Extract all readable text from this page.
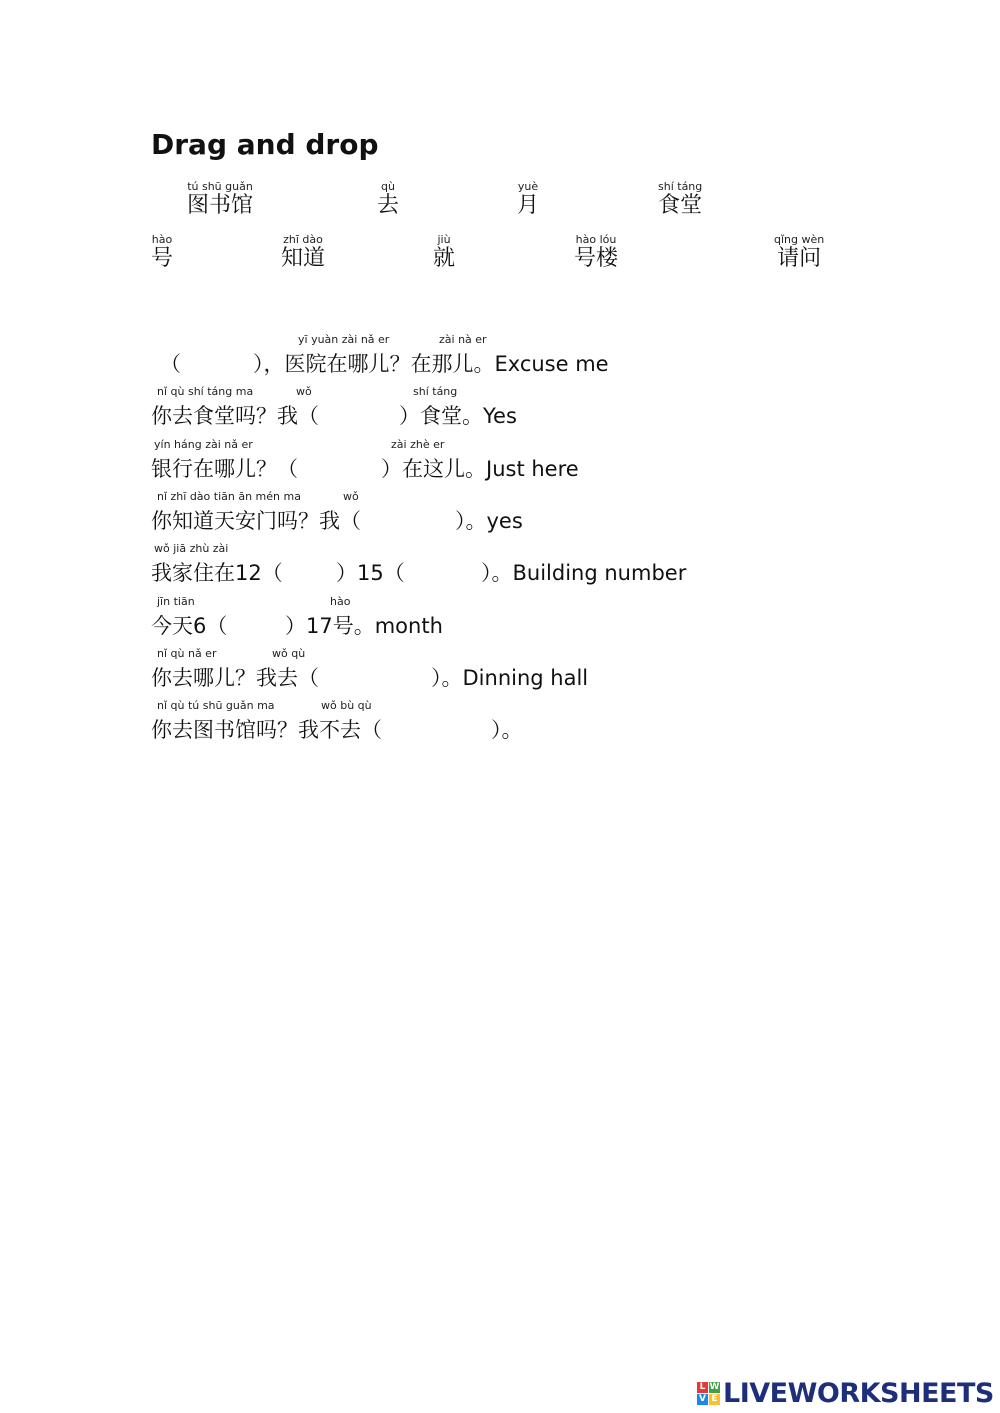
Drag and drop
tú shū guǎn
图书馆
qù
去
yuè
月
shí táng
食堂
hào
号
zhī dào
知道
jiù
就
hào lóu
号楼
qǐng wèn
请问
yī yuàn zài nǎ er	zài nà er
（	），医院在哪儿？在那儿。Excuse me
nǐ qù shí táng ma	wǒ	shí táng
你去食堂吗？我（	）食堂。Yes
yín háng zài nǎ er	zài zhè er
银行在哪儿？（	）在这儿。Just here
nǐ zhī dào tiān ān mén ma	wǒ
你知道天安门吗？我（	）。yes
wǒ jiā zhù zài
我家住在12（	）15（	）。Building number
jīn tiān	hào
今天6（	）17号。month
nǐ qù nǎ er	wǒ qù
你去哪儿？我去（	）。Dinning hall
nǐ qù tú shū guǎn ma	wǒ bù qù
你去图书馆吗？我不去（	）。
L W
V E LIVEWORKSHEETS
